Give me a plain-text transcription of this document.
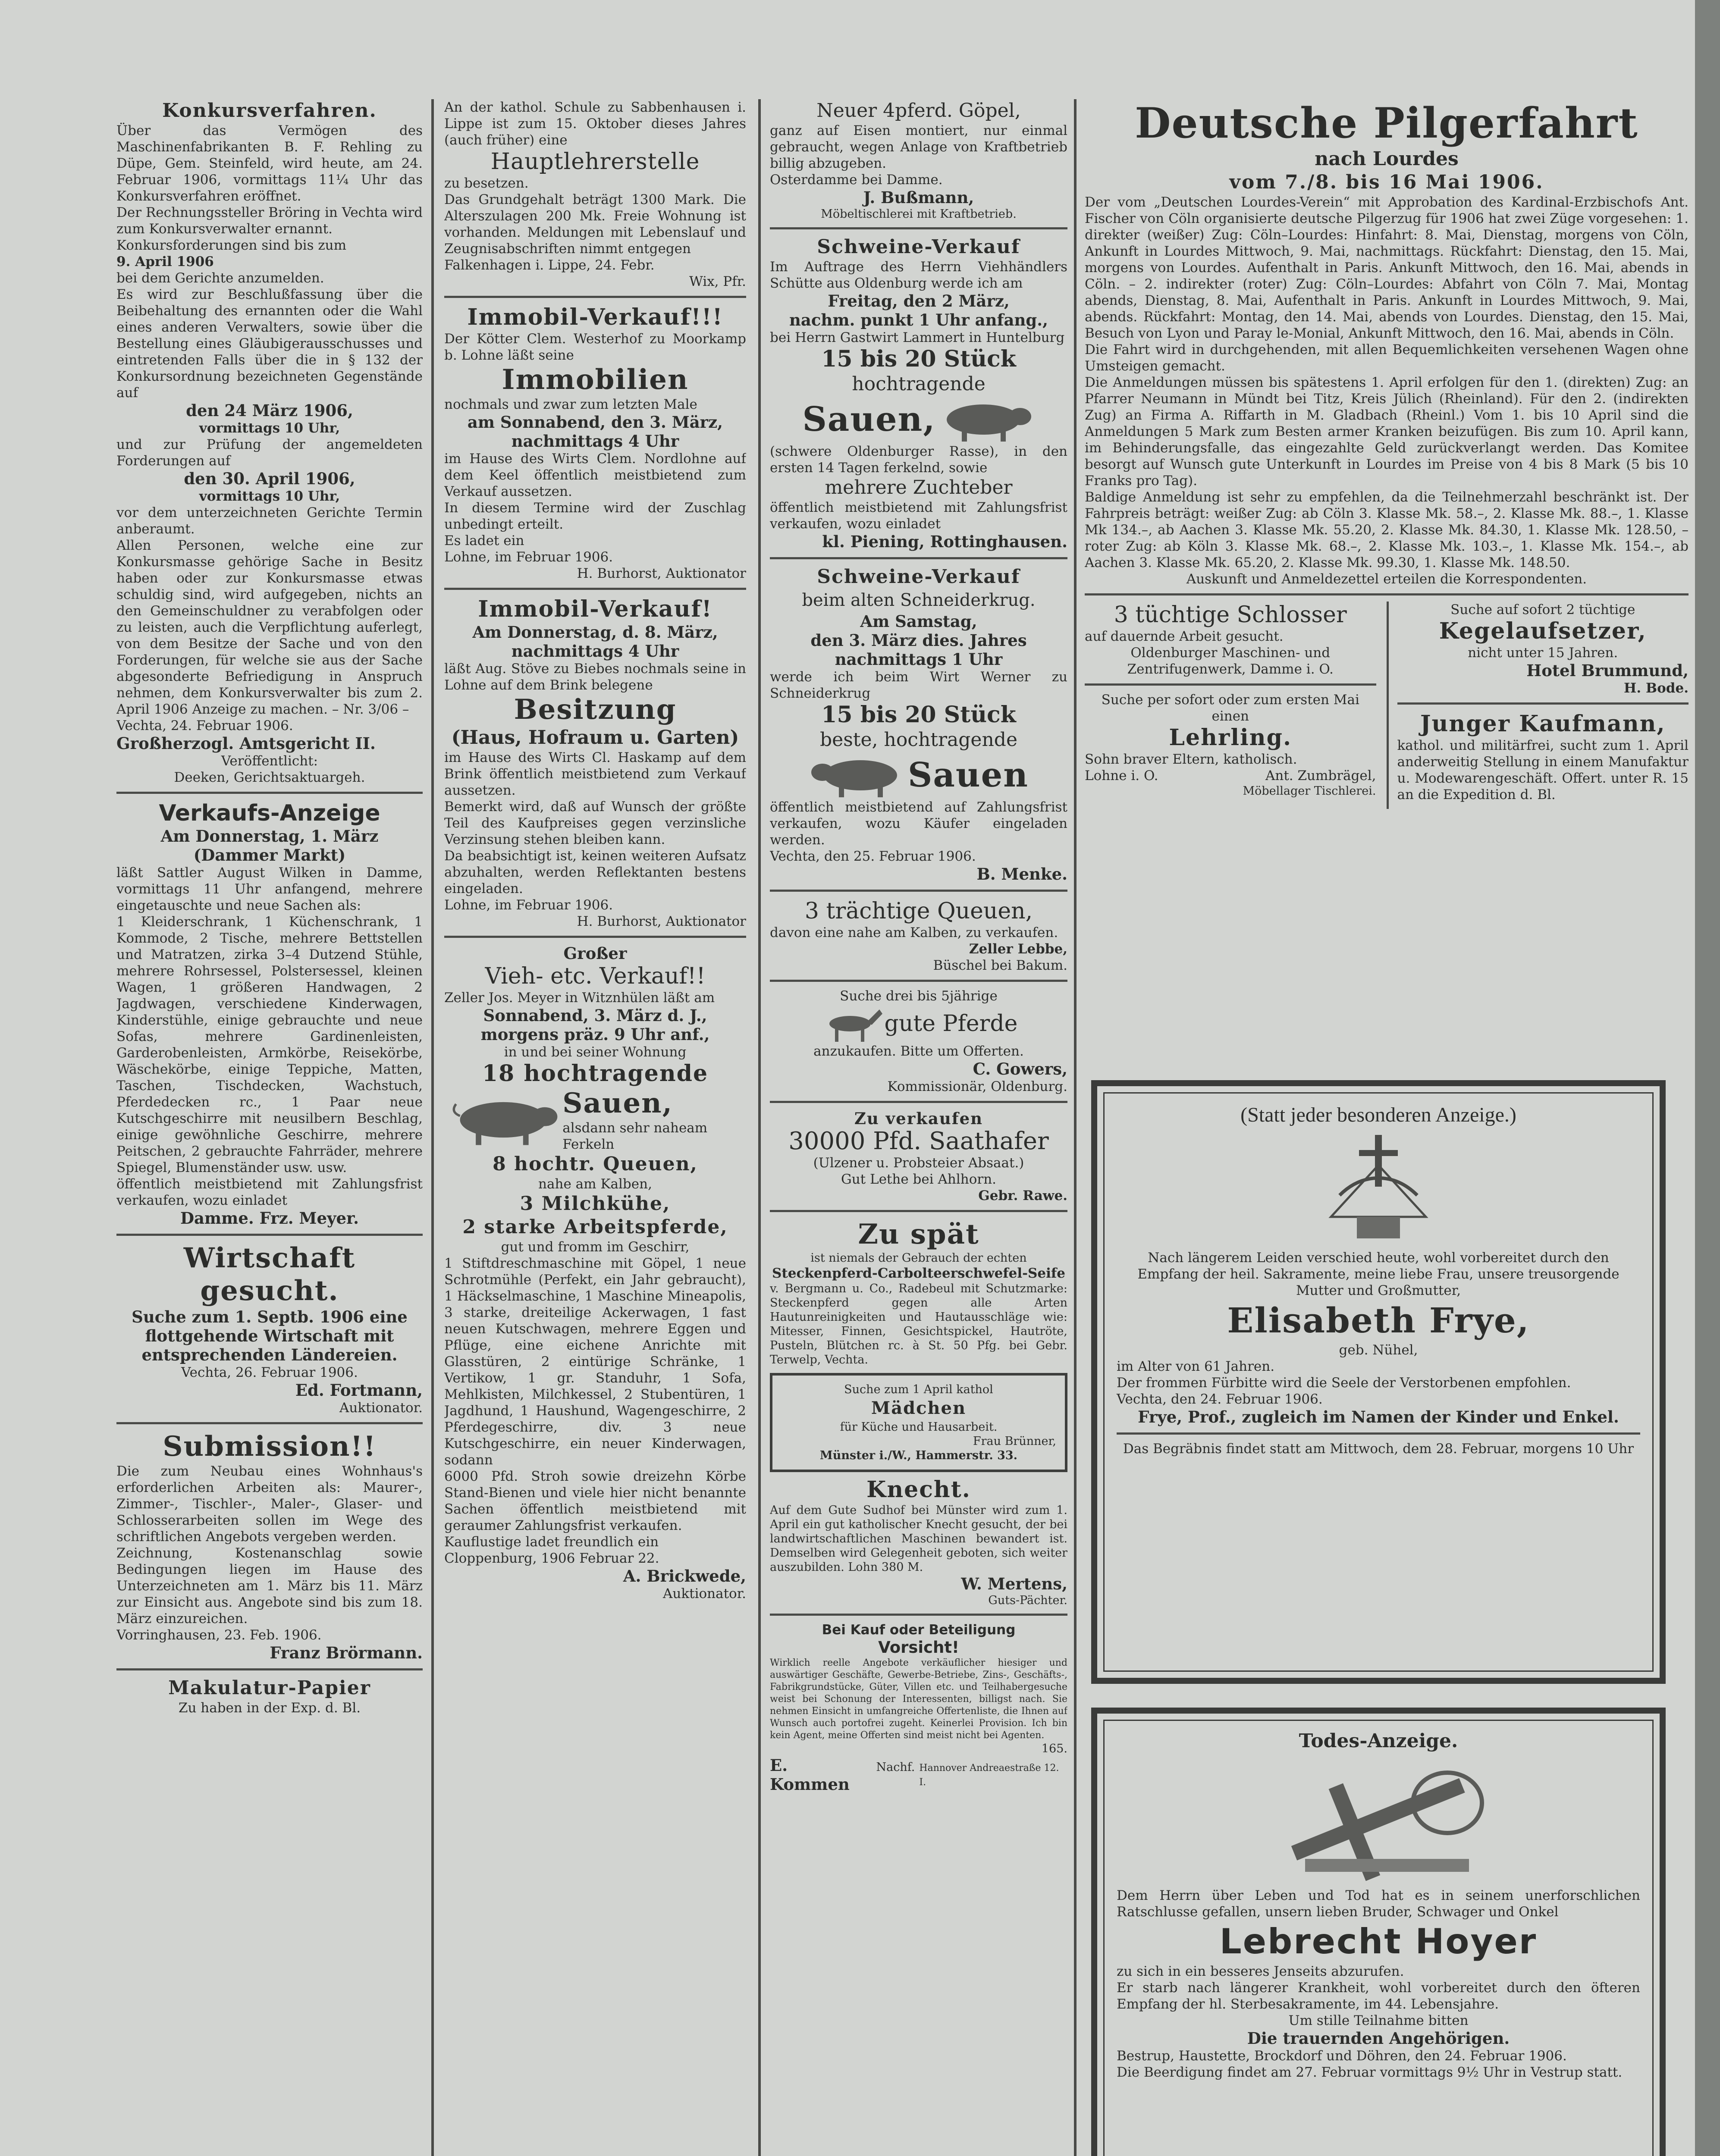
Konkursverfahren.

Über das Vermögen des Maschinenfabrikanten B. F. Rehling zu Düpe, Gem. Steinfeld, wird heute, am 24. Februar 1906, vormittags 11¼ Uhr das Konkursverfahren eröffnet.

Der Rechnungssteller Bröring in Vechta wird zum Konkursverwalter ernannt.

Konkursforderungen sind bis zum

9. April 1906

bei dem Gerichte anzumelden.

Es wird zur Beschlußfassung über die Beibehaltung des ernannten oder die Wahl eines anderen Verwalters, sowie über die Bestellung eines Gläubigerausschusses und eintretenden Falls über die in § 132 der Konkursordnung bezeichneten Gegenstände auf

den 24 März 1906,

vormittags 10 Uhr,

und zur Prüfung der angemeldeten Forderungen auf

den 30. April 1906,

vormittags 10 Uhr,

vor dem unterzeichneten Gerichte Termin anberaumt.

Allen Personen, welche eine zur Konkursmasse gehörige Sache in Besitz haben oder zur Konkursmasse etwas schuldig sind, wird aufgegeben, nichts an den Gemeinschuldner zu verabfolgen oder zu leisten, auch die Verpflichtung auferlegt, von dem Besitze der Sache und von den Forderungen, für welche sie aus der Sache abgesonderte Befriedigung in Anspruch nehmen, dem Konkursverwalter bis zum 2. April 1906 Anzeige zu machen. – Nr. 3/06 –

Vechta, 24. Februar 1906.

Großherzogl. Amtsgericht II.

Veröffentlicht:

Deeken, Gerichtsaktuargeh.

Verkaufs-Anzeige

Am Donnerstag, 1. März

(Dammer Markt)

läßt Sattler August Wilken in Damme, vormittags 11 Uhr anfangend, mehrere eingetauschte und neue Sachen als:

1 Kleiderschrank, 1 Küchenschrank, 1 Kommode, 2 Tische, mehrere Bettstellen und Matratzen, zirka 3–4 Dutzend Stühle, mehrere Rohrsessel, Polstersessel, kleinen Wagen, 1 größeren Handwagen, 2 Jagdwagen, verschiedene Kinderwagen, Kinderstühle, einige gebrauchte und neue Sofas, mehrere Gardinenleisten, Garderobenleisten, Armkörbe, Reisekörbe, Wäschekörbe, einige Teppiche, Matten, Taschen, Tischdecken, Wachstuch, Pferdedecken rc., 1 Paar neue Kutschgeschirre mit neusilbern Beschlag, einige gewöhnliche Geschirre, mehrere Peitschen, 2 gebrauchte Fahrräder, mehrere Spiegel, Blumenständer usw. usw.

öffentlich meistbietend mit Zahlungsfrist verkaufen, wozu einladet

Damme. Frz. Meyer.

Wirtschaft

gesucht.

Suche zum 1. Septb. 1906 eine flottgehende Wirtschaft mit entsprechenden Ländereien.

Vechta, 26. Februar 1906.

Ed. Fortmann,

Auktionator.

Submission!!

Die zum Neubau eines Wohnhaus's erforderlichen Arbeiten als: Maurer-, Zimmer-, Tischler-, Maler-, Glaser- und Schlosserarbeiten sollen im Wege des schriftlichen Angebots vergeben werden.

Zeichnung, Kostenanschlag sowie Bedingungen liegen im Hause des Unterzeichneten am 1. März bis 11. März zur Einsicht aus. Angebote sind bis zum 18. März einzureichen.

Vorringhausen, 23. Feb. 1906.

Franz Brörmann.

Makulatur-Papier

Zu haben in der Exp. d. Bl.

An der kathol. Schule zu Sabbenhausen i. Lippe ist zum 15. Oktober dieses Jahres (auch früher) eine

Hauptlehrerstelle

zu besetzen.

Das Grundgehalt beträgt 1300 Mark. Die Alterszulagen 200 Mk. Freie Wohnung ist vorhanden. Meldungen mit Lebenslauf und Zeugnisabschriften nimmt entgegen

Falkenhagen i. Lippe, 24. Febr.

Wix, Pfr.

Immobil-Verkauf!!!

Der Kötter Clem. Westerhof zu Moorkamp b. Lohne läßt seine

Immobilien

nochmals und zwar zum letzten Male

am Sonnabend, den 3. März,

nachmittags 4 Uhr

im Hause des Wirts Clem. Nordlohne auf dem Keel öffentlich meistbietend zum Verkauf aussetzen.

In diesem Termine wird der Zuschlag unbedingt erteilt.

Es ladet ein

Lohne, im Februar 1906.

H. Burhorst, Auktionator

Immobil-Verkauf!

Am Donnerstag, d. 8. März,

nachmittags 4 Uhr

läßt Aug. Stöve zu Biebes nochmals seine in Lohne auf dem Brink belegene

Besitzung

(Haus, Hofraum u. Garten)

im Hause des Wirts Cl. Haskamp auf dem Brink öffentlich meistbietend zum Verkauf aussetzen.

Bemerkt wird, daß auf Wunsch der größte Teil des Kaufpreises gegen verzinsliche Verzinsung stehen bleiben kann.

Da beabsichtigt ist, keinen weiteren Aufsatz abzuhalten, werden Reflektanten bestens eingeladen.

Lohne, im Februar 1906.

H. Burhorst, Auktionator

Großer

Vieh- etc. Verkauf!!

Zeller Jos. Meyer in Witznhülen läßt am

Sonnabend, 3. März d. J.,

morgens präz. 9 Uhr anf.,

in und bei seiner Wohnung

18 hochtragende

Sauen,

alsdann sehr naheam Ferkeln

8 hochtr. Queuen,

nahe am Kalben,

3 Milchkühe,

2 starke Arbeitspferde,

gut und fromm im Geschirr,

1 Stiftdreschmaschine mit Göpel, 1 neue Schrotmühle (Perfekt, ein Jahr gebraucht), 1 Häckselmaschine, 1 Maschine Mineapolis, 3 starke, dreiteilige Ackerwagen, 1 fast neuen Kutschwagen, mehrere Eggen und Pflüge, eine eichene Anrichte mit Glasstüren, 2 eintürige Schränke, 1 Vertikow, 1 gr. Standuhr, 1 Sofa, Mehlkisten, Milchkessel, 2 Stubentüren, 1 Jagdhund, 1 Haushund, Wagengeschirre, 2 Pferdegeschirre, div. 3 neue Kutschgeschirre, ein neuer Kinderwagen, sodann

6000 Pfd. Stroh sowie dreizehn Körbe Stand-Bienen und viele hier nicht benannte Sachen öffentlich meistbietend mit geraumer Zahlungsfrist verkaufen.

Kauflustige ladet freundlich ein

Cloppenburg, 1906 Februar 22.

A. Brickwede,

Auktionator.

Neuer 4pferd. Göpel,

ganz auf Eisen montiert, nur einmal gebraucht, wegen Anlage von Kraftbetrieb billig abzugeben.

Osterdamme bei Damme.

J. Bußmann,

Möbeltischlerei mit Kraftbetrieb.

Schweine-Verkauf

Im Auftrage des Herrn Viehhändlers Schütte aus Oldenburg werde ich am

Freitag, den 2 März,

nachm. punkt 1 Uhr anfang.,

bei Herrn Gastwirt Lammert in Huntelburg

15 bis 20 Stück

hochtragende

Sauen,

(schwere Oldenburger Rasse), in den ersten 14 Tagen ferkelnd, sowie

mehrere Zuchteber

öffentlich meistbietend mit Zahlungsfrist verkaufen, wozu einladet

kl. Piening, Rottinghausen.

Schweine-Verkauf

beim alten Schneiderkrug.

Am Samstag,

den 3. März dies. Jahres

nachmittags 1 Uhr

werde ich beim Wirt Werner zu Schneiderkrug

15 bis 20 Stück

beste, hochtragende

Sauen

öffentlich meistbietend auf Zahlungsfrist verkaufen, wozu Käufer eingeladen werden.

Vechta, den 25. Februar 1906.

B. Menke.

3 trächtige Queuen,

davon eine nahe am Kalben, zu verkaufen.

Zeller Lebbe,

Büschel bei Bakum.

Suche drei bis 5jährige

gute Pferde

anzukaufen. Bitte um Offerten.

C. Gowers,

Kommissionär, Oldenburg.

Zu verkaufen

30000 Pfd. Saathafer

(Ulzener u. Probsteier Absaat.)

Gut Lethe bei Ahlhorn.

Gebr. Rawe.

Zu spät

ist niemals der Gebrauch der echten

Steckenpferd-Carbolteerschwefel-Seife

v. Bergmann u. Co., Radebeul mit Schutzmarke: Steckenpferd gegen alle Arten Hautunreinigkeiten und Hautausschläge wie: Mitesser, Finnen, Gesichtspickel, Hautröte, Pusteln, Blütchen rc. à St. 50 Pfg. bei Gebr. Terwelp, Vechta.

Suche zum 1 April kathol

Mädchen

für Küche und Hausarbeit.

Frau Brünner,

Münster i./W., Hammerstr. 33.

Knecht.

Auf dem Gute Sudhof bei Münster wird zum 1. April ein gut katholischer Knecht gesucht, der bei landwirtschaftlichen Maschinen bewandert ist. Demselben wird Gelegenheit geboten, sich weiter auszubilden. Lohn 380 M.

W. Mertens,

Guts-Pächter.

Bei Kauf oder Beteiligung

Vorsicht!

Wirklich reelle Angebote verkäuflicher hiesiger und auswärtiger Geschäfte, Gewerbe-Betriebe, Zins-, Geschäfts-, Fabrikgrundstücke, Güter, Villen etc. und Teilhabergesuche weist bei Schonung der Interessenten, billigst nach. Sie nehmen Einsicht in umfangreiche Offertenliste, die Ihnen auf Wunsch auch portofrei zugeht. Keinerlei Provision. Ich bin kein Agent, meine Offerten sind meist nicht bei Agenten.

165.

E. Kommen

Nachf. Hannover Andreaestraße 12. I.

Deutsche Pilgerfahrt

nach Lourdes

vom 7./8. bis 16 Mai 1906.

Der vom „Deutschen Lourdes-Verein“ mit Approbation des Kardinal-Erzbischofs Ant. Fischer von Cöln organisierte deutsche Pilgerzug für 1906 hat zwei Züge vorgesehen: 1. direkter (weißer) Zug: Cöln–Lourdes: Hinfahrt: 8. Mai, Dienstag, morgens von Cöln, Ankunft in Lourdes Mittwoch, 9. Mai, nachmittags. Rückfahrt: Dienstag, den 15. Mai, morgens von Lourdes. Aufenthalt in Paris. Ankunft Mittwoch, den 16. Mai, abends in Cöln. – 2. indirekter (roter) Zug: Cöln–Lourdes: Abfahrt von Cöln 7. Mai, Montag abends, Dienstag, 8. Mai, Aufenthalt in Paris. Ankunft in Lourdes Mittwoch, 9. Mai, abends. Rückfahrt: Montag, den 14. Mai, abends von Lourdes. Dienstag, den 15. Mai, Besuch von Lyon und Paray le-Monial, Ankunft Mittwoch, den 16. Mai, abends in Cöln.

Die Fahrt wird in durchgehenden, mit allen Bequemlichkeiten versehenen Wagen ohne Umsteigen gemacht.

Die Anmeldungen müssen bis spätestens 1. April erfolgen für den 1. (direkten) Zug: an Pfarrer Neumann in Mündt bei Titz, Kreis Jülich (Rheinland). Für den 2. (indirekten Zug) an Firma A. Riffarth in M. Gladbach (Rheinl.) Vom 1. bis 10 April sind die Anmeldungen 5 Mark zum Besten armer Kranken beizufügen. Bis zum 10. April kann, im Behinderungsfalle, das eingezahlte Geld zurückverlangt werden. Das Komitee besorgt auf Wunsch gute Unterkunft in Lourdes im Preise von 4 bis 8 Mark (5 bis 10 Franks pro Tag).

Baldige Anmeldung ist sehr zu empfehlen, da die Teilnehmerzahl beschränkt ist. Der Fahrpreis beträgt: weißer Zug: ab Cöln 3. Klasse Mk. 58.–, 2. Klasse Mk. 88.–, 1. Klasse Mk 134.–, ab Aachen 3. Klasse Mk. 55.20, 2. Klasse Mk. 84.30, 1. Klasse Mk. 128.50, – roter Zug: ab Köln 3. Klasse Mk. 68.–, 2. Klasse Mk. 103.–, 1. Klasse Mk. 154.–, ab Aachen 3. Klasse Mk. 65.20, 2. Klasse Mk. 99.30, 1. Klasse Mk. 148.50.

Auskunft und Anmeldezettel erteilen die Korrespondenten.

3 tüchtige Schlosser

auf dauernde Arbeit gesucht.

Oldenburger Maschinen- und Zentrifugenwerk, Damme i. O.

Suche per sofort oder zum ersten Mai einen

Lehrling.

Sohn braver Eltern, katholisch.

Lohne i. O.	Ant. Zumbrägel,

Möbellager Tischlerei.

Suche auf sofort 2 tüchtige

Kegelaufsetzer,

nicht unter 15 Jahren.

Hotel Brummund,

H. Bode.

Junger Kaufmann,

kathol. und militärfrei, sucht zum 1. April anderweitig Stellung in einem Manufaktur u. Modewarengeschäft. Offert. unter R. 15 an die Expedition d. Bl.

(Statt jeder besonderen Anzeige.)

Nach längerem Leiden verschied heute, wohl vorbereitet durch den Empfang der heil. Sakramente, meine liebe Frau, unsere treusorgende Mutter und Großmutter,

Elisabeth Frye,

geb. Nühel,

im Alter von 61 Jahren.

Der frommen Fürbitte wird die Seele der Verstorbenen empfohlen.

Vechta, den 24. Februar 1906.

Frye, Prof., zugleich im Namen der Kinder und Enkel.

Das Begräbnis findet statt am Mittwoch, dem 28. Februar, morgens 10 Uhr

Todes-Anzeige.

Dem Herrn über Leben und Tod hat es in seinem unerforschlichen Ratschlusse gefallen, unsern lieben Bruder, Schwager und Onkel

Lebrecht Hoyer

zu sich in ein besseres Jenseits abzurufen.

Er starb nach längerer Krankheit, wohl vorbereitet durch den öfteren Empfang der hl. Sterbesakramente, im 44. Lebensjahre.

Um stille Teilnahme bitten

Die trauernden Angehörigen.

Bestrup, Haustette, Brockdorf und Döhren, den 24. Februar 1906.

Die Beerdigung findet am 27. Februar vormittags 9½ Uhr in Vestrup statt.
